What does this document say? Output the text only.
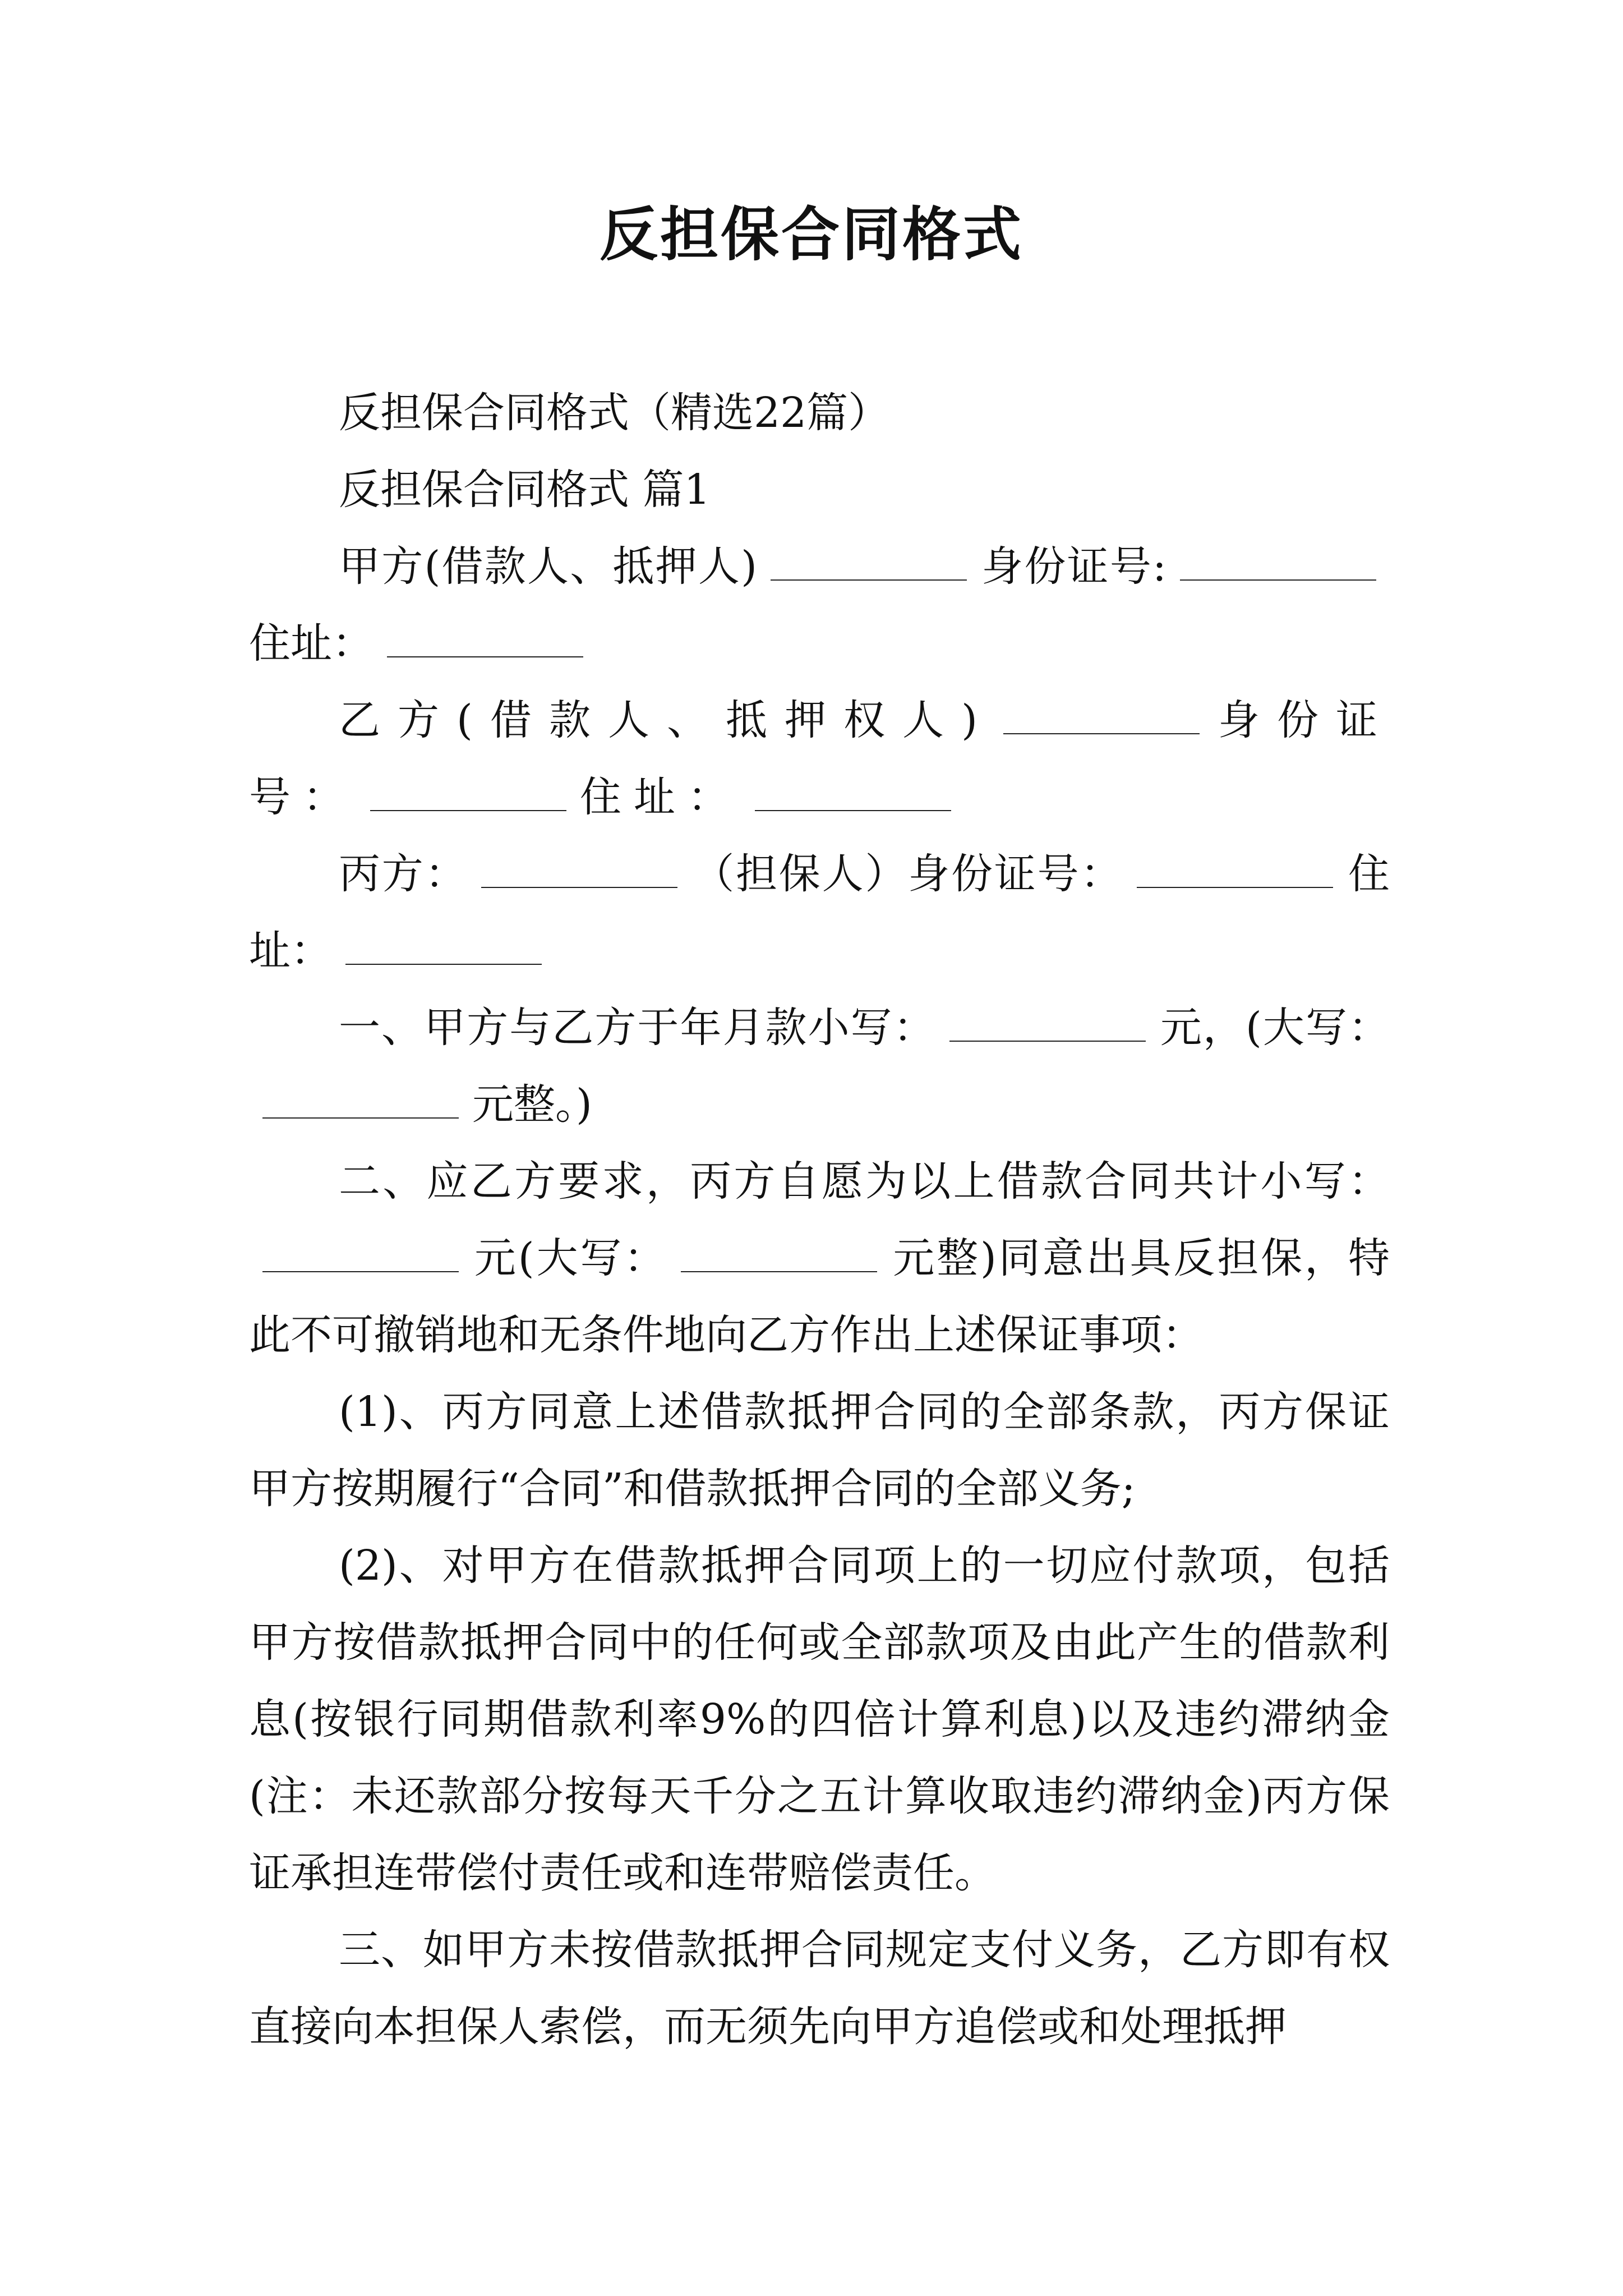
反担保合同格式

反担保合同格式（精选22篇）

反担保合同格式 篇1

甲方(借款人、抵押人)	身份证号:住址：

乙方(借款人、抵押权人)	身份证号：	住址：

丙方：	（担保人）身份证号：	住址：

一、甲方与乙方于年月款小写：	元，(大写：元整。)

二、应乙方要求，丙方自愿为以上借款合同共计小写：元(大写：	元整)同意出具反担保，特此不可撤销地和无条件地向乙方作出上述保证事项：

(1)、丙方同意上述借款抵押合同的全部条款，丙方保证甲方按期履行“合同”和借款抵押合同的全部义务;

(2)、对甲方在借款抵押合同项上的一切应付款项，包括甲方按借款抵押合同中的任何或全部款项及由此产生的借款利息(按银行同期借款利率9%的四倍计算利息)以及违约滞纳金(注：未还款部分按每天千分之五计算收取违约滞纳金)丙方保证承担连带偿付责任或和连带赔偿责任。

三、如甲方未按借款抵押合同规定支付义务，乙方即有权直接向本担保人索偿，而无须先向甲方追偿或和处理抵押
